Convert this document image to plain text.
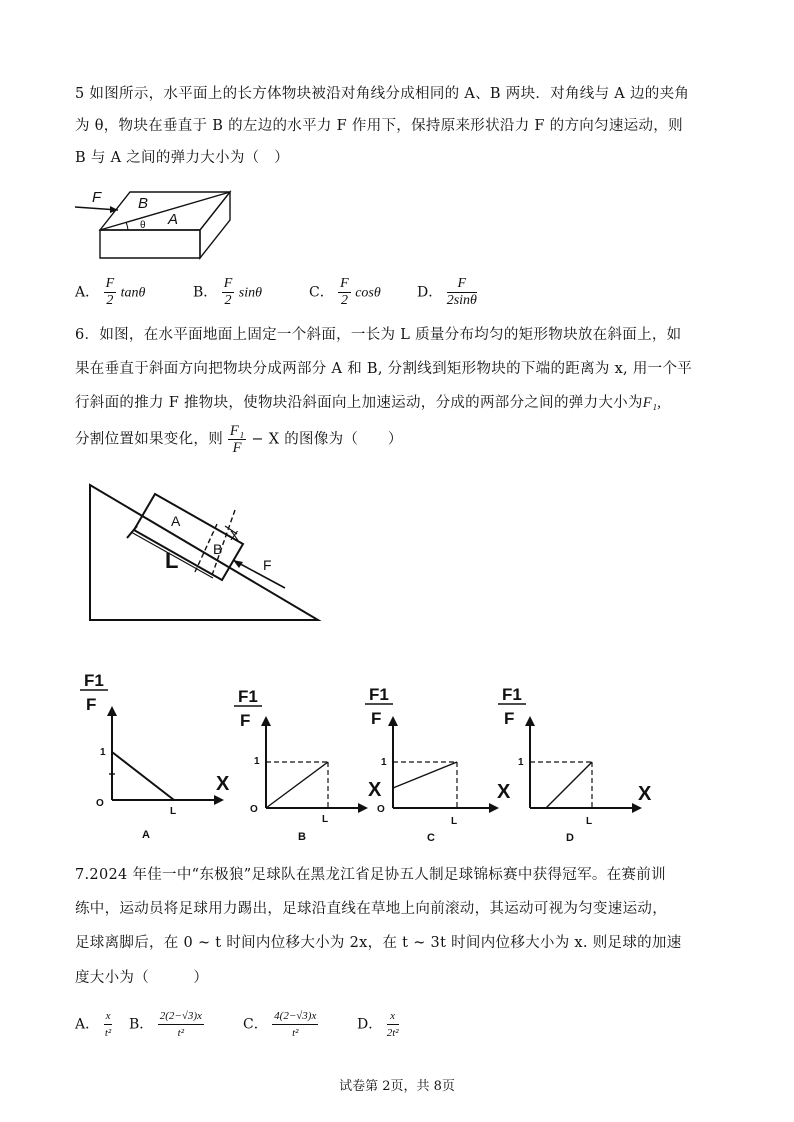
5 如图所示，水平面上的长方体物块被沿对角线分成相同的 A、B 两块．对角线与 A 边的夹角
为 θ，物块在垂直于 B 的左边的水平力 F 作用下，保持原来形状沿力 F 的方向匀速运动，则
B 与 A 之间的弹力大小为（　）
F B
A
θ
A． $\frac{F}{2}$ tanθ	B． $\frac{F}{2}$ sinθ	C． $\frac{F}{2}$ cosθ	D． $\frac{F}{2\sin\theta}$
6．如图，在水平面地面上固定一个斜面，一长为 L 质量分布均匀的矩形物块放在斜面上，如
果在垂直于斜面方向把物块分成两部分 A 和 B, 分割线到矩形物块的下端的距离为 x, 用一个平
行斜面的推力 F 推物块，使物块沿斜面向上加速运动，分成的两部分之间的弹力大小为F₁,
分割位置如果变化，则 $\frac{\text{F₁}}{F} - X$ 的图像为（　　）
A
B
X
L	F
F1
F
1
O
L
X
A
F1
F
1
O
L
X
B
F1
F
1
O
L
X
C
F1
F
1
L
X
D
7.2024 年佳一中“东极狼”足球队在黑龙江省足协五人制足球锦标赛中获得冠军。在赛前训
练中，运动员将足球用力踢出，足球沿直线在草地上向前滚动，其运动可视为匀变速运动，
足球离脚后，在 0 ~ t 时间内位移大小为 2x，在 t ~ 3t 时间内位移大小为 x. 则足球的加速
度大小为（　　　）
A． $\frac{x}{\text{t²}}$ B． $\frac{2(2-√3)x}{\text{t²}}$	C． $\frac{4(2-√3)x}{\text{t²}}$	D． $\frac{x}{\text{2t²}}$
试卷第 2页，共 8页
